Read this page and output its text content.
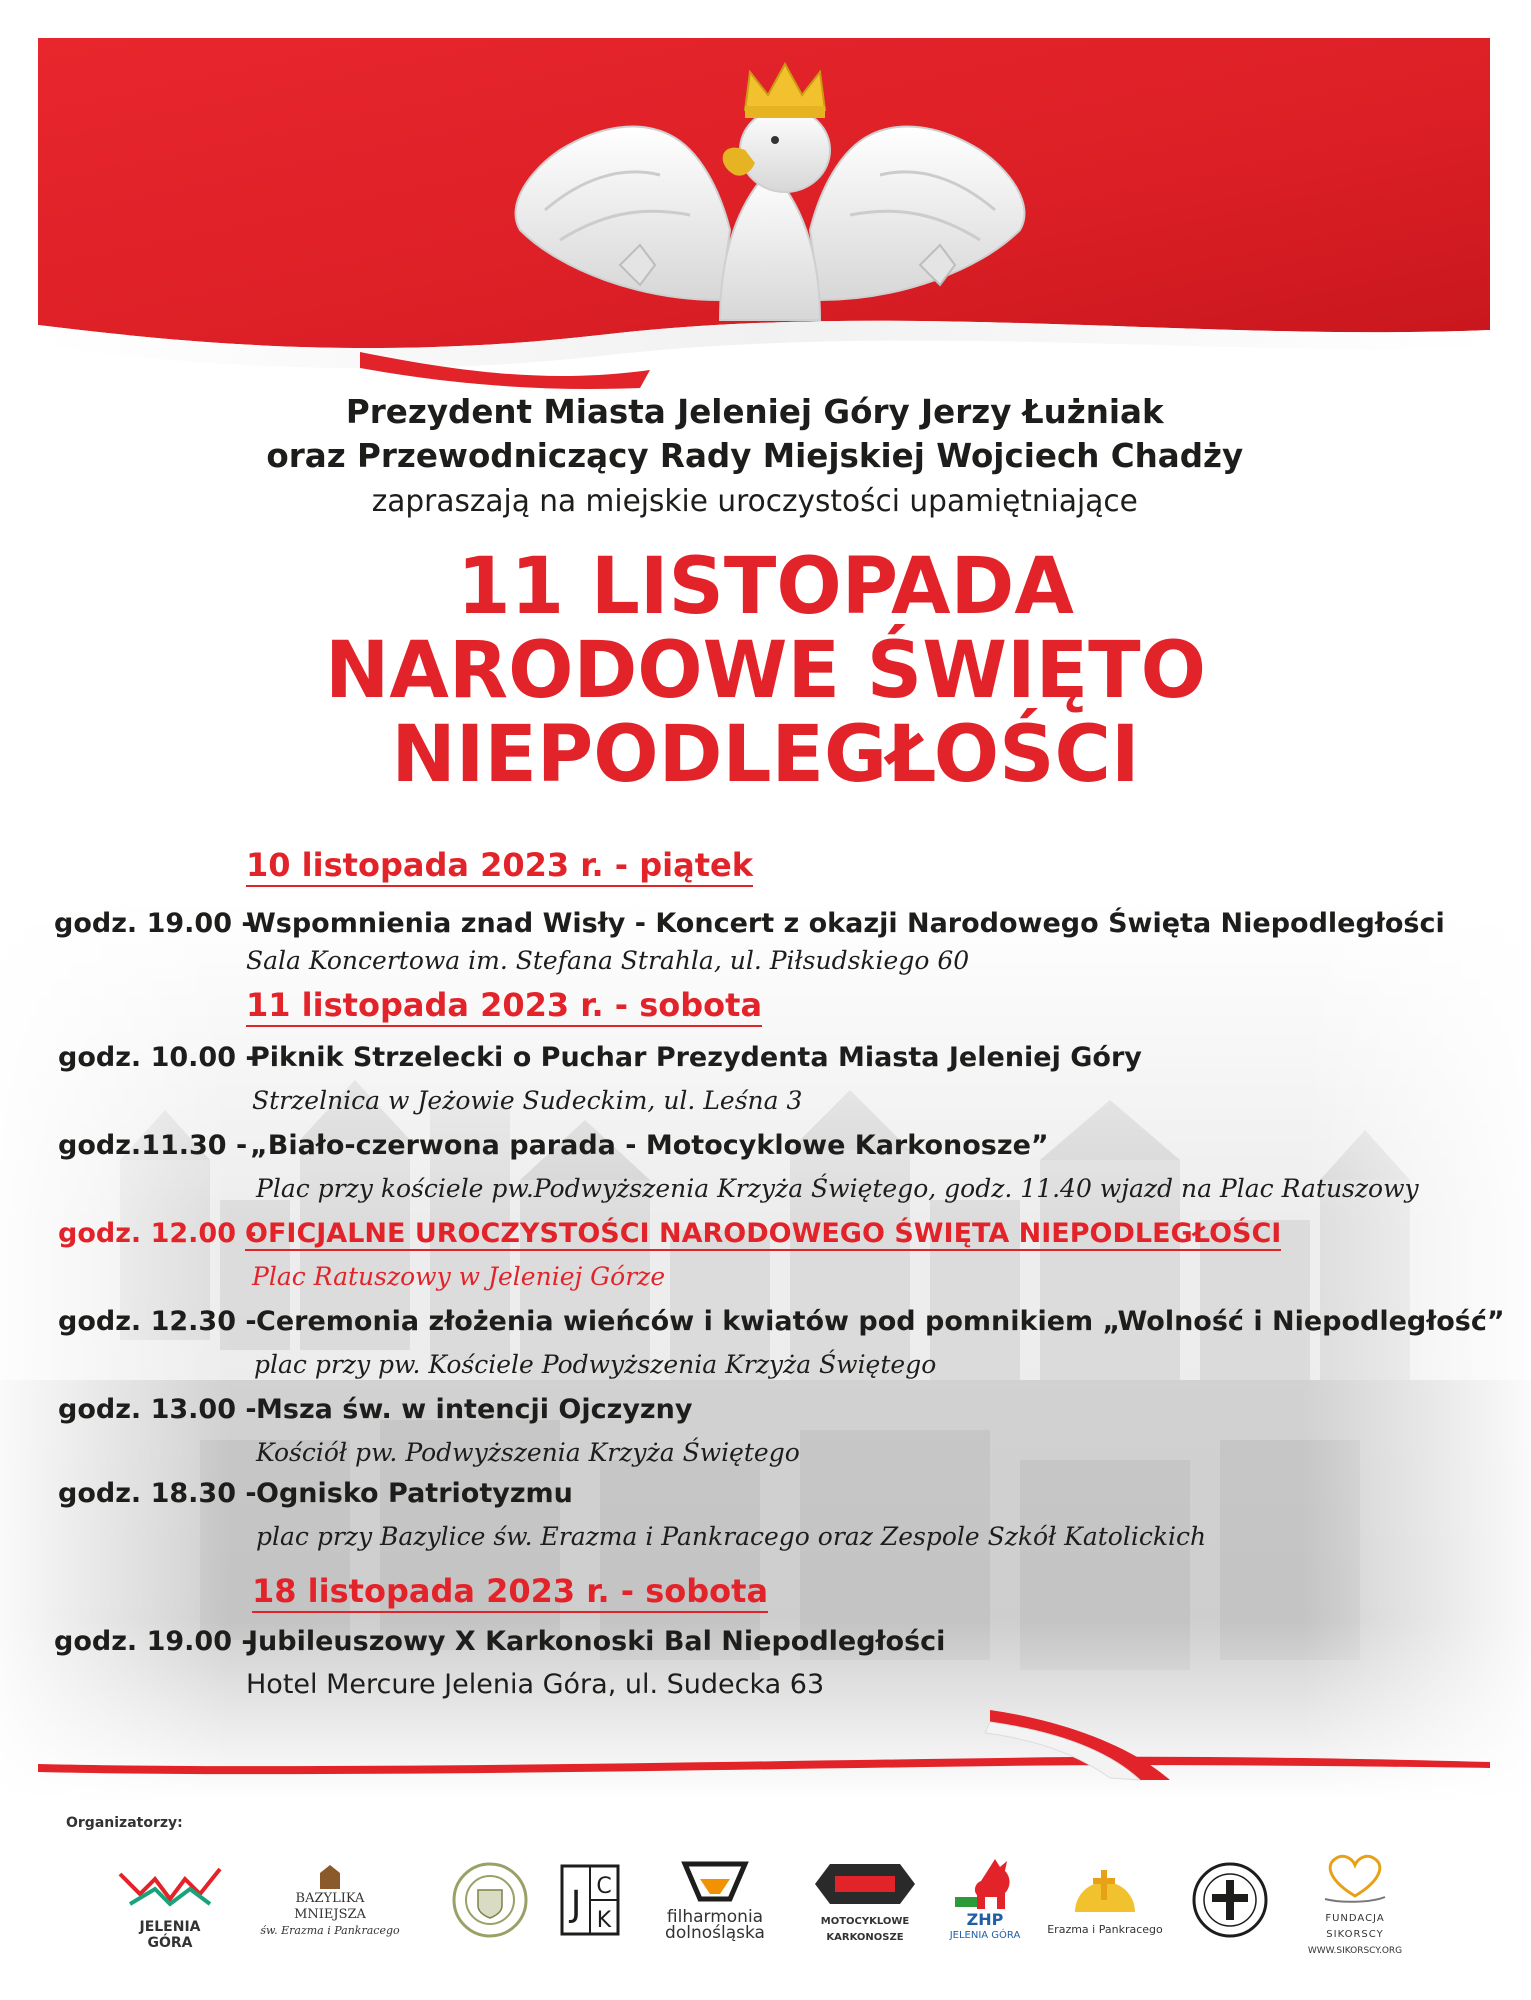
Prezydent Miasta Jeleniej Góry Jerzy Łużniak
oraz Przewodniczący Rady Miejskiej Wojciech Chadży
zapraszają na miejskie uroczystości upamiętniające
11 LISTOPADA
NARODOWE ŚWIĘTO
NIEPODLEGŁOŚCI
10 listopada 2023 r. - piątek
godz. 19.00 -
Wspomnienia znad Wisły - Koncert z okazji Narodowego Święta Niepodległości
Sala Koncertowa im. Stefana Strahla, ul. Piłsudskiego 60
11 listopada 2023 r. - sobota
godz. 10.00 -
Piknik Strzelecki o Puchar Prezydenta Miasta Jeleniej Góry
Strzelnica w Jeżowie Sudeckim, ul. Leśna 3
godz.11.30 - „Biało-czerwona parada - Motocyklowe Karkonosze”
Plac przy kościele pw.Podwyższenia Krzyża Świętego, godz. 11.40 wjazd na Plac Ratuszowy
godz. 12.00 -
OFICJALNE UROCZYSTOŚCI NARODOWEGO ŚWIĘTA NIEPODLEGŁOŚCI
Plac Ratuszowy w Jeleniej Górze
godz. 12.30 - Ceremonia złożenia wieńców i kwiatów pod pomnikiem „Wolność i Niepodległość”
plac przy pw. Kościele Podwyższenia Krzyża Świętego
godz. 13.00 - Msza św. w intencji Ojczyzny
Kościół pw. Podwyższenia Krzyża Świętego
godz. 18.30 - Ognisko Patriotyzmu
plac przy Bazylice św. Erazma i Pankracego oraz Zespole Szkół Katolickich
18 listopada 2023 r. - sobota
godz. 19.00 -
Jubileuszowy X Karkonoski Bal Niepodległości
Hotel Mercure Jelenia Góra, ul. Sudecka 63
Organizatorzy:
JELENIA GÓRA
BAZYLIKA MNIEJSZA
św. Erazma i Pankracego
J C
K	filharmonia
dolnośląska
MOTOCYKLOWE
KARKONOSZE
ZHP
JELENIA GÓRA Erazma i Pankracego
FUNDACJA SIKORSCY
WWW.SIKORSCY.ORG
